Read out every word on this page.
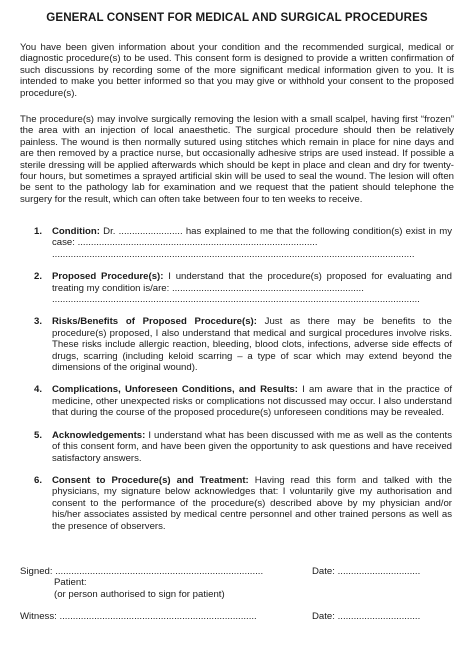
GENERAL CONSENT FOR MEDICAL AND SURGICAL PROCEDURES
You have been given information about your condition and the recommended surgical, medical or diagnostic procedure(s) to be used. This consent form is designed to provide a written confirmation of such discussions by recording some of the more significant medical information given to you. It is intended to make you better informed so that you may give or withhold your consent to the proposed procedure(s).
The procedure(s) may involve surgically removing the lesion with a small scalpel, having first “frozen” the area with an injection of local anaesthetic. The surgical procedure should then be relatively painless. The wound is then normally sutured using stitches which remain in place for nine days and are then removed by a practice nurse, but occasionally adhesive strips are used instead. If possible a sterile dressing will be applied afterwards which should be kept in place and clean and dry for twenty-four hours, but sometimes a sprayed artificial skin will be used to seal the wound. The lesion will often be sent to the pathology lab for examination and we request that the patient should telephone the surgery for the result, which can often take between four to ten weeks to receive.
1. Condition: Dr. ........................ has explained to me that the following condition(s) exist in my case: ..........................................................................................
........................................................................................................................................
2. Proposed Procedure(s): I understand that the procedure(s) proposed for evaluating and treating my condition is/are: ........................................................................
..........................................................................................................................................
3. Risks/Benefits of Proposed Procedure(s): Just as there may be benefits to the procedure(s) proposed, I also understand that medical and surgical procedures involve risks. These risks include allergic reaction, bleeding, blood clots, infections, adverse side effects of drugs, scarring (including keloid scarring – a type of scar which may extend beyond the dimensions of the original wound).
4. Complications, Unforeseen Conditions, and Results: I am aware that in the practice of medicine, other unexpected risks or complications not discussed may occur. I also understand that during the course of the proposed procedure(s) unforeseen conditions may be revealed.
5. Acknowledgements: I understand what has been discussed with me as well as the contents of this consent form, and have been given the opportunity to ask questions and have received satisfactory answers.
6. Consent to Procedure(s) and Treatment: Having read this form and talked with the physicians, my signature below acknowledges that: I voluntarily give my authorisation and consent to the performance of the procedure(s) described above by my physician and/or his/her associates assisted by medical centre personnel and other trained persons as well as the presence of observers.
Signed: ..............................................................................	Date: ...............................
Patient:
(or person authorised to sign for patient)
Witness: ..........................................................................	Date: ...............................
